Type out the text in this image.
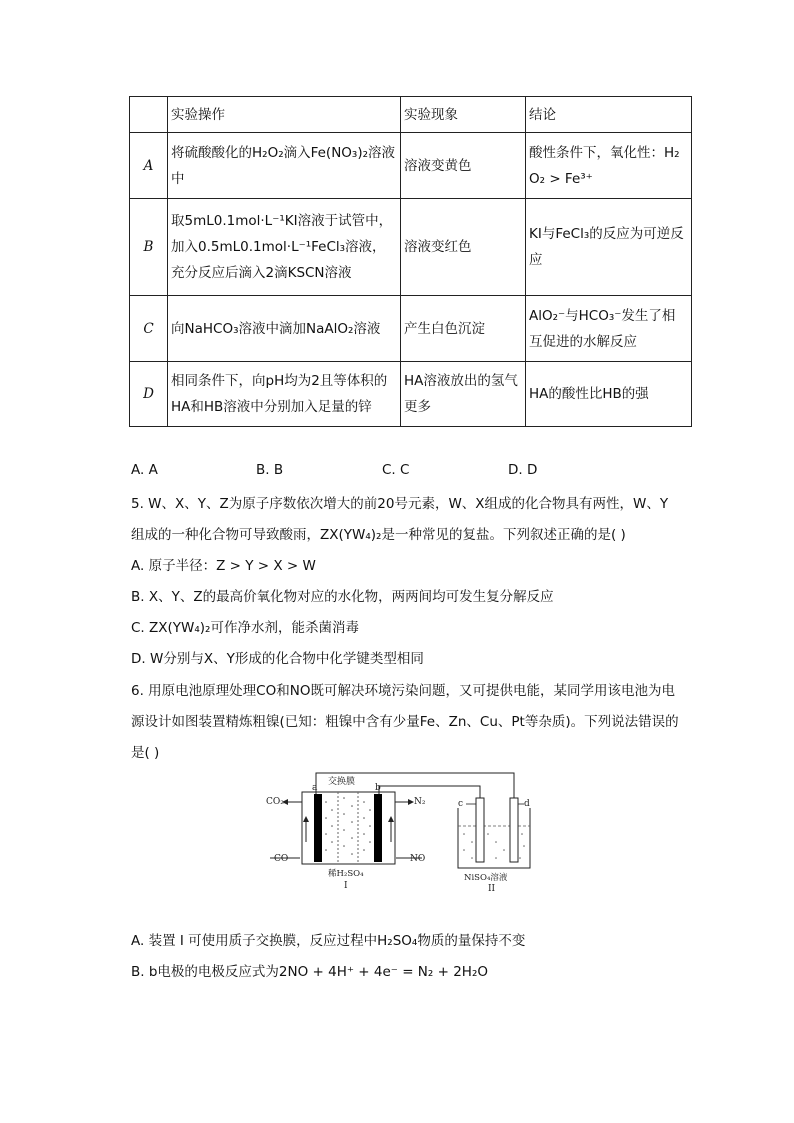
	实验操作	实验现象	结论
A	将硫酸酸化的H₂O₂滴入Fe(NO₃)₂溶液中	溶液变黄色	酸性条件下，氧化性：H₂O₂ > Fe³⁺
B	取5mL0.1mol·L⁻¹KI溶液于试管中，加入0.5mL0.1mol·L⁻¹FeCl₃溶液，充分反应后滴入2滴KSCN溶液	溶液变红色	KI与FeCl₃的反应为可逆反应
C	向NaHCO₃溶液中滴加NaAlO₂溶液	产生白色沉淀	AlO₂⁻与HCO₃⁻发生了相互促进的水解反应
D	相同条件下，向pH均为2且等体积的HA和HB溶液中分别加入足量的锌	HA溶液放出的氢气更多	HA的酸性比HB的强
A. A	B. B	C. C	D. D
5. W、X、Y、Z为原子序数依次增大的前20号元素，W、X组成的化合物具有两性，W、Y
组成的一种化合物可导致酸雨，ZX(YW₄)₂是一种常见的复盐。下列叙述正确的是( )
A. 原子半径：Z > Y > X > W
B. X、Y、Z的最高价氧化物对应的水化物，两两间均可发生复分解反应
C. ZX(YW₄)₂可作净水剂，能杀菌消毒
D. W分别与X、Y形成的化合物中化学键类型相同
6. 用原电池原理处理CO和NO既可解决环境污染问题，又可提供电能，某同学用该电池为电
源设计如图装置精炼粗镍(已知：粗镍中含有少量Fe、Zn、Cu、Pt等杂质)。下列说法错误的
是( )
交换膜
CO₂
CO
N₂
NO
a	b
c	d
稀H₂SO₄
I
NiSO₄溶液
II
A. 装置 I 可使用质子交换膜，反应过程中H₂SO₄物质的量保持不变
B. b电极的电极反应式为2NO + 4H⁺ + 4e⁻ = N₂ + 2H₂O
